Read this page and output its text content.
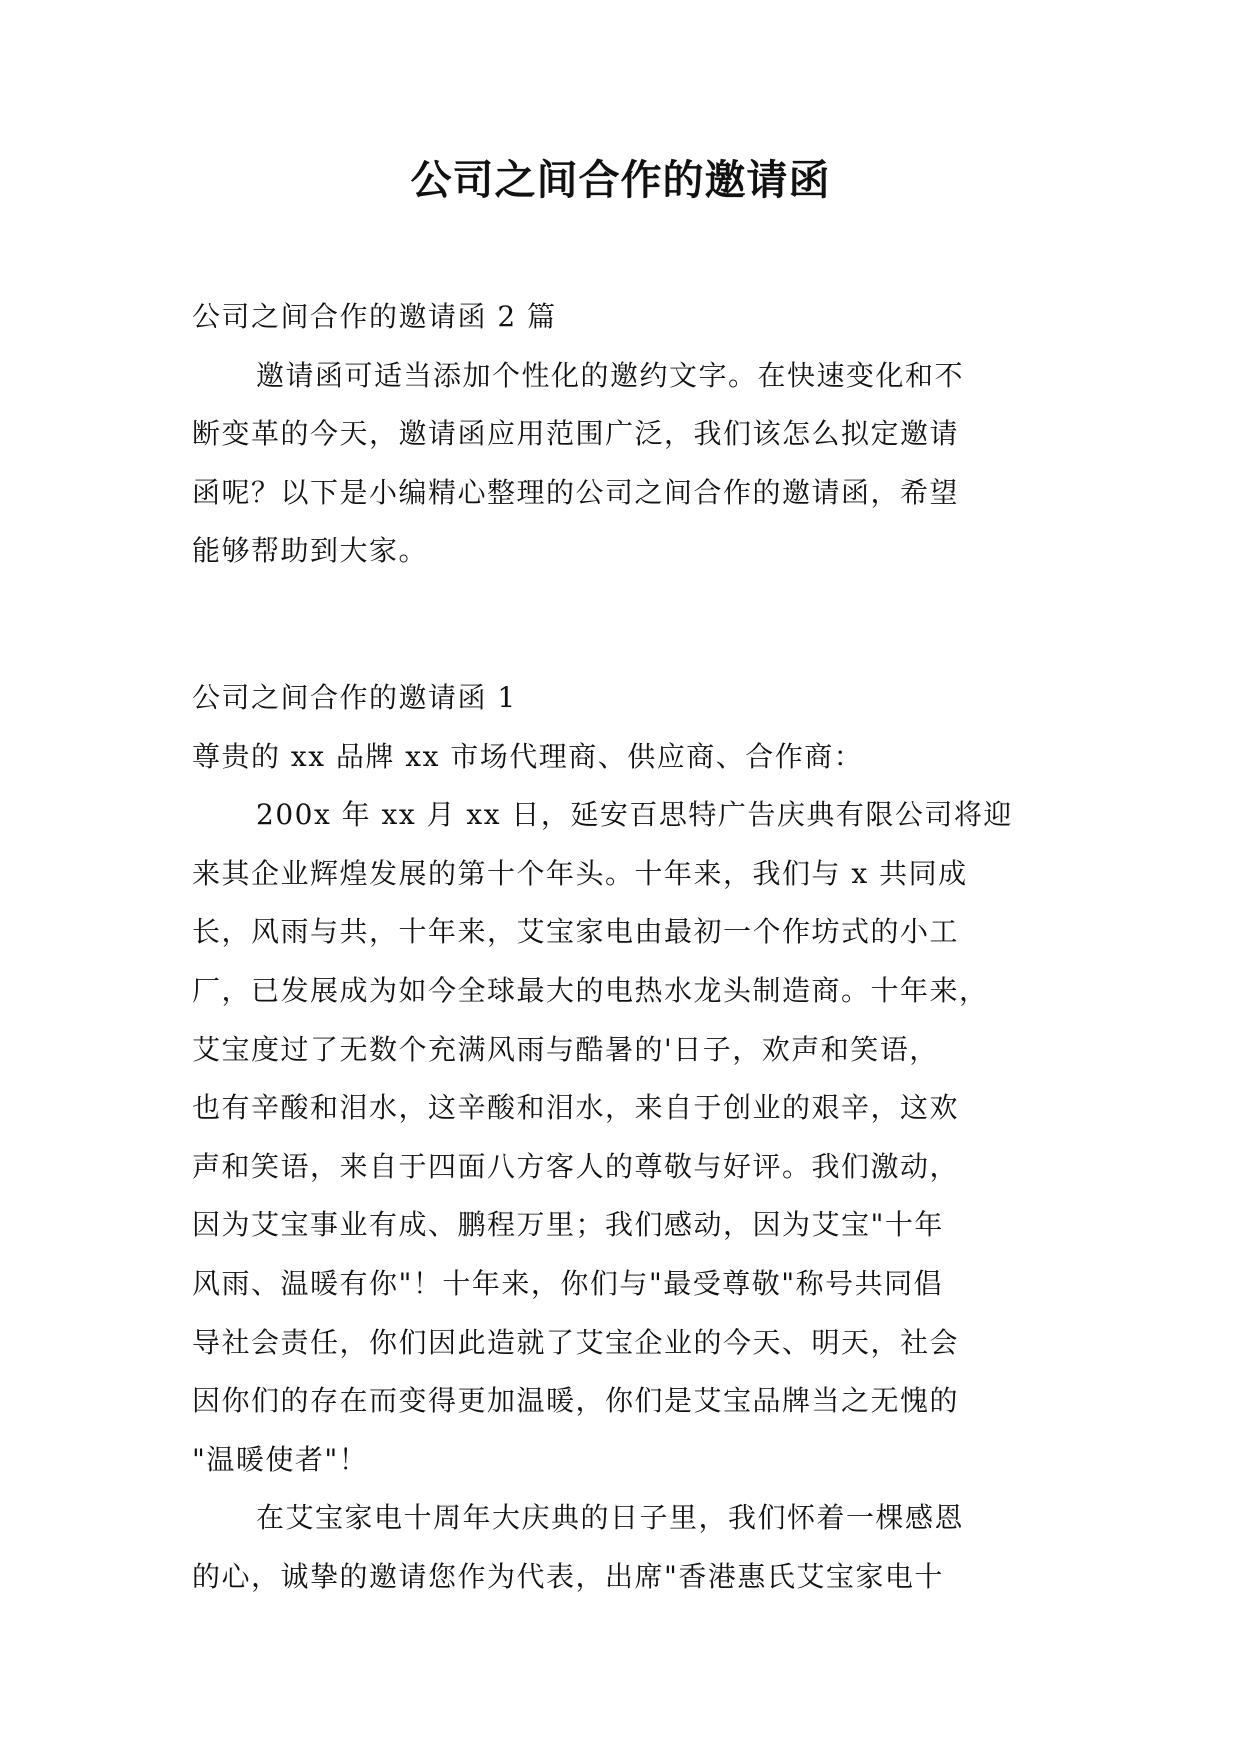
公司之间合作的邀请函
公司之间合作的邀请函 2 篇
邀请函可适当添加个性化的邀约文字。在快速变化和不
断变革的今天，邀请函应用范围广泛，我们该怎么拟定邀请
函呢？以下是小编精心整理的公司之间合作的邀请函，希望
能够帮助到大家。
公司之间合作的邀请函 1
尊贵的 xx 品牌 xx 市场代理商、供应商、合作商：
200x 年 xx 月 xx 日，延安百思特广告庆典有限公司将迎
来其企业辉煌发展的第十个年头。十年来，我们与 x 共同成
长，风雨与共，十年来，艾宝家电由最初一个作坊式的小工
厂，已发展成为如今全球最大的电热水龙头制造商。十年来，
艾宝度过了无数个充满风雨与酷暑的'日子，欢声和笑语，
也有辛酸和泪水，这辛酸和泪水，来自于创业的艰辛，这欢
声和笑语，来自于四面八方客人的尊敬与好评。我们激动，
因为艾宝事业有成、鹏程万里；我们感动，因为艾宝"十年
风雨、温暖有你"！十年来，你们与"最受尊敬"称号共同倡
导社会责任，你们因此造就了艾宝企业的今天、明天，社会
因你们的存在而变得更加温暖，你们是艾宝品牌当之无愧的
"温暖使者"！
在艾宝家电十周年大庆典的日子里，我们怀着一棵感恩
的心，诚挚的邀请您作为代表，出席"香港惠氏艾宝家电十
